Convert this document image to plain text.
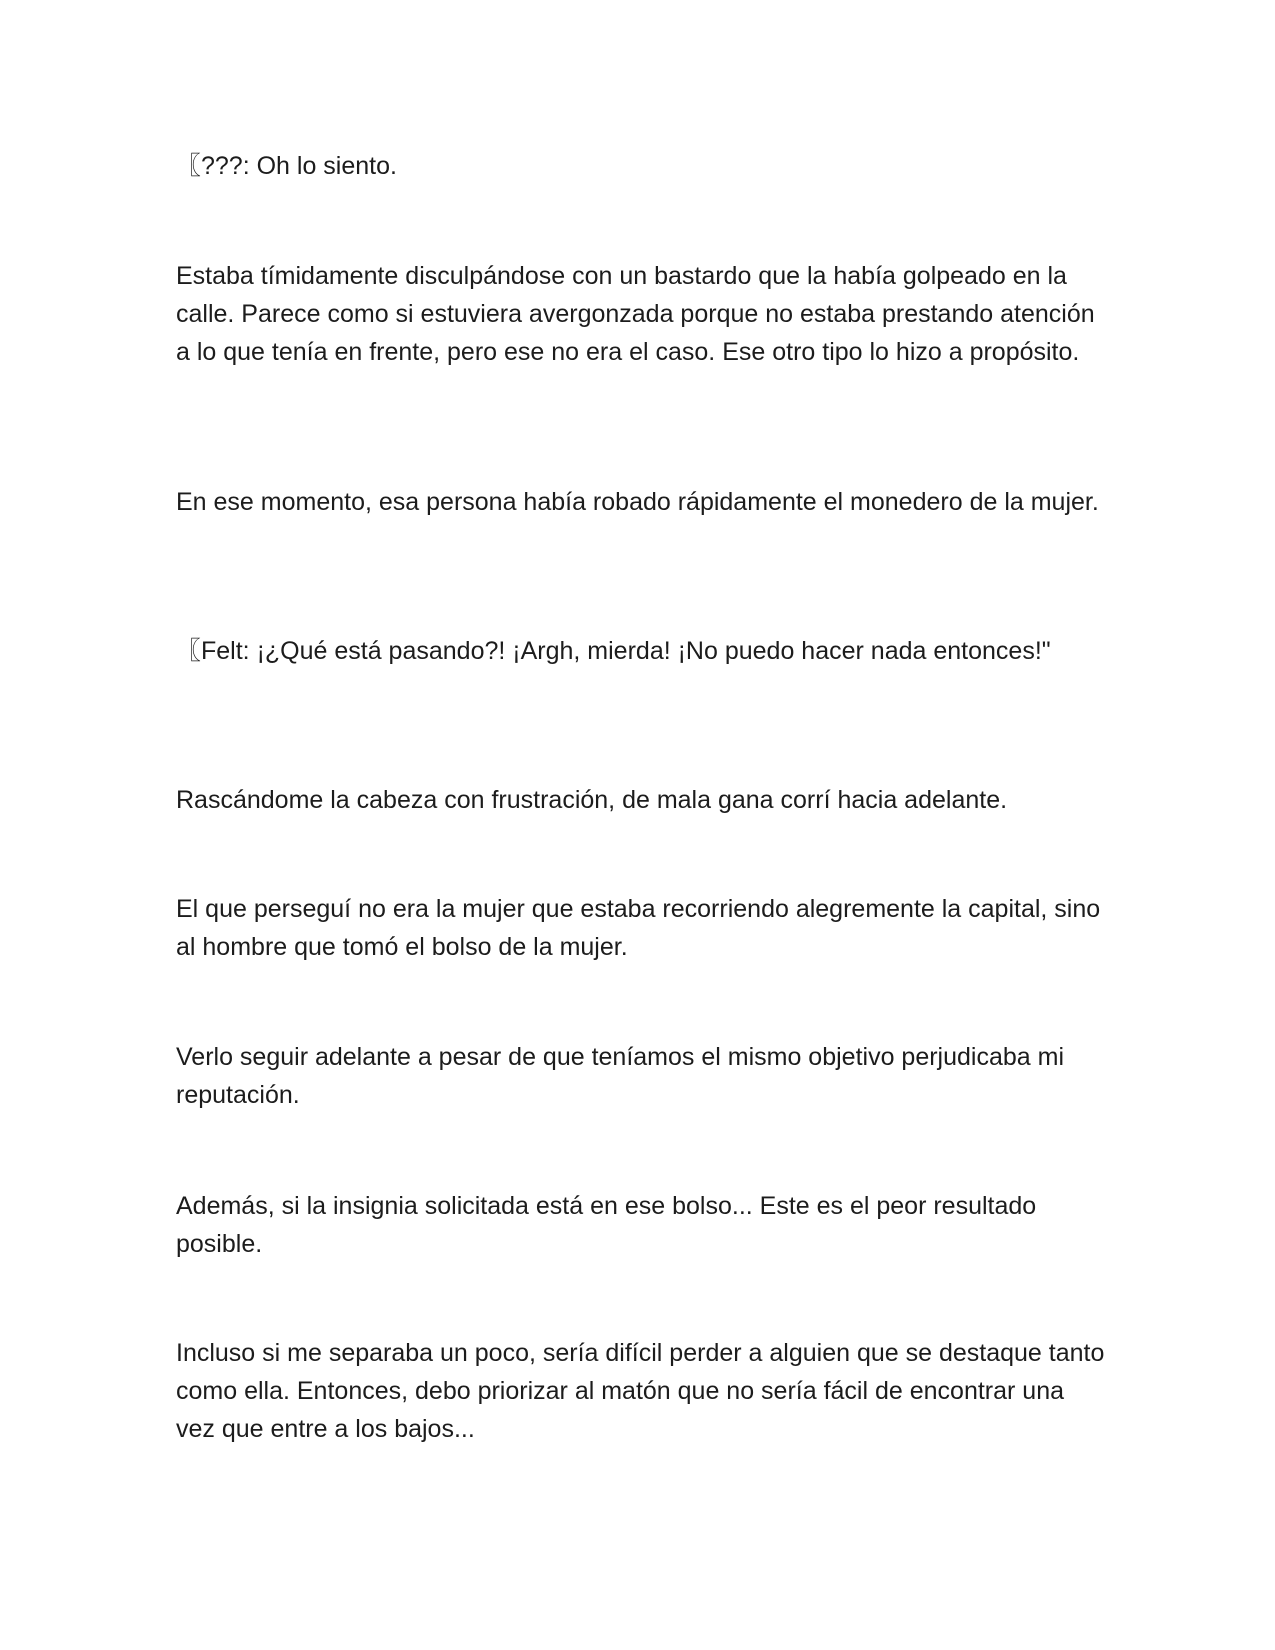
〖???: Oh lo siento.

Estaba tímidamente disculpándose con un bastardo que la había golpeado en la calle. Parece como si estuviera avergonzada porque no estaba prestando atención a lo que tenía en frente, pero ese no era el caso. Ese otro tipo lo hizo a propósito.

En ese momento, esa persona había robado rápidamente el monedero de la mujer.

〖Felt: ¡¿Qué está pasando?! ¡Argh, mierda! ¡No puedo hacer nada entonces!"

Rascándome la cabeza con frustración, de mala gana corrí hacia adelante.

El que perseguí no era la mujer que estaba recorriendo alegremente la capital, sino al hombre que tomó el bolso de la mujer.

Verlo seguir adelante a pesar de que teníamos el mismo objetivo perjudicaba mi reputación.

Además, si la insignia solicitada está en ese bolso... Este es el peor resultado posible.

Incluso si me separaba un poco, sería difícil perder a alguien que se destaque tanto como ella. Entonces, debo priorizar al matón que no sería fácil de encontrar una vez que entre a los bajos...
